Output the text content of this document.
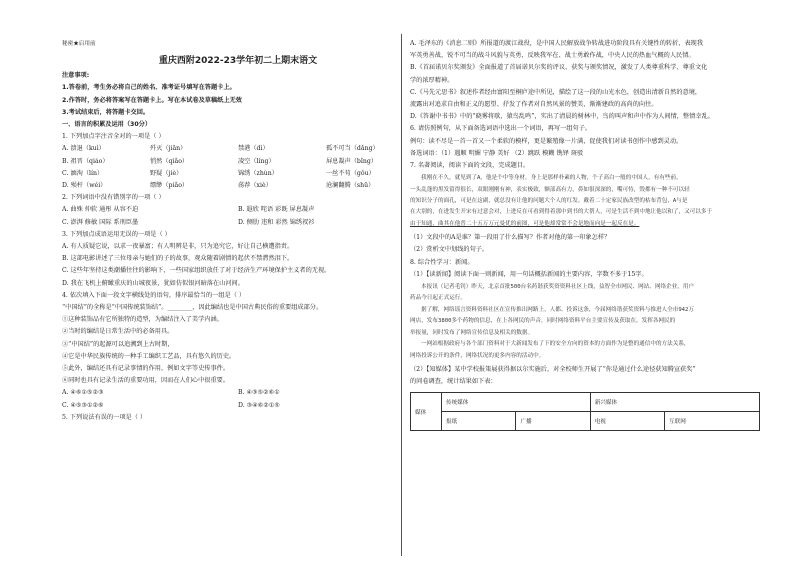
秘密★启用前
重庆西附2022-23学年初二上期末语文
注意事项:
1.答卷前，考生务必将自己的姓名、准考证号填写在答题卡上。
2.作答时，务必将答案写在答题卡上。写在本试卷及草稿纸上无效
3.考试结束后，将答题卡交回。
一、语言的积累及运用（30分）
1. 下列加点字注音全对的一项是（ ）
A. 溃退（kuì）	歼灭（jiān）	禁港（dì）	孤不可当（dǎng）
B. 祖晋（qiáo）	悄然（qiǎo）	凌空（líng）	屏息凝声（bǐng）
C. 湎洵（lín）	野疑（jiè）	锦绣（zhùn）	一丝不苟（gǒu）
D. 殒杆（wéi）	缥缈（piǎo）	荡荐（xiè）	沧澜翻腾（shū）
2. 下列词语中没有错别字的一项（ ）
A. 曲殊 仲软 通彤 从容不迫	B. 遐欣 咤语 彩既 屏息凝声
C. 澎湃 修敏 国际 系刑臣墨	D. 侧肋 违和 彩然 锦绣衩衫
3. 下列加点成语运用无误的一项是（ ）
A. 有人质疑它说，以求一夜暴富；有人明辨是非，只为追究它，好让自己横遭指责。
B. 这部电影讲述了三位母亲与她们的子的故事，观众随着剧情的起伏不禁潸然泪下。
C. 这些年坚持这类潮播往往的影响下，一些国家组织放任了对于经济生产环境保护主义者的无视。
D. 我在飞机上俯瞰重庆的山城夜景，犹如仿似银河暗落在山河间。
4. 依次填入下面一段文字横线处的语句，排序最恰当的一组是（ ）
“中国结”的全称是“中国传统装饰结”。________，因此编结也是中国古典民俗的重要组成部分。
①这种装饰品有它所独特的造型，为编结注入了美学内涵。
②当时的编结是日常生活中的必备用具。
③“中国结”的起源可以追溯到上古时期，
④它是中华民族传统的一种手工编织工艺品，具有悠久的历史。
⑤此外，编结还具有记录事情的作用，例如文字等史传事件。
⑥同时也具有记录生活的重要功用，因而在人们心中很重要。
A. ④⑥①⑤②③	B. ④③⑤②⑥①
C. ④⑤③①②⑥	D. ③④⑥②①⑤
5. 下列说法有误的一项是（ ）
A. 毛泽东的《消息二则》所报道的渡江战役，是中国人民解放战争转战进功阶段具有关键性的转折，表现我
军英勇善战、锐不可当的战斗风貌与英勇，反映我军在、战士勇敢作战，中央人民的热血气概的人民情。
B.《首届诺贝尔奖颁发》全面报道了首届诺贝尔奖的评议、获奖与颁奖情况，激发了人类尊重科学、尊重文化
学的浓厚精神。
C.《马先元思书》叙述作者经由富阳至桐庐途中所见，描绘了这一段的山光水色，创造出清新自然的意境，
流露出对追求自由和正义的愿望、抒发了作者对自然风景的赞美，渐渐建政的高尚的向往。
D.《答谢中书书》中的“晓雾将歇，猿鸟乱鸣”，实出了清晨的树林中，鸟的叫声和声中作为人间情，整情幸乱。
6. 请仿照例句，从下面备选词语中选出一个词语，再写一组句子。
例句：读不尽是一首一首又一个柔软的模样，更是繁殖像一片满，促使我们对读书创作中感到灵动。
备选词语：（1）遇顺 明媚 宁静 美好 （2）跳跃 模糊 镌铎 斑驳
7. 名著阅读，阅读下面的文段，完成题目。
我刚在不久，就见到了A，他是个中等身材，身上是那样朴素的人物，个子高白一般的中国人，有有些前，
一头乱蓬的黑发留得很长，双眼刚刚有神，表实极致，额部高有力，鼻如很深深的，嘴可恃，毁都有一种不可以轻
的知识分子的面孔，可是在这副，就总没有让他的问题大个人的红发。戴着二十定家民族改型的枯布背包，A与是
在大别的，在进发生开宋有过意会对，上进反在可看到得着那中到书的大帮人，可是生活不到中地让他以和了，又可以多于
由于知通，曲其在他普二十五万万元曼优的前图，可是他却常常不会是地而向是一起反在是。
（1）文段中的A是谁？第一段用了什么描写？作者对他的第一印象怎样？
（2）赏析文中划线的句子。
8. 综合性学习：新闻。
（1）【读新闻】阅读下面一则新闻，用一句话概括新闻的主要内容，字数不多于15字。
本报讯（记者毛钊）昨天，北京首批500台名药谐获奖资资料社区上线，益智全市网民、网站、网络企业，用户
药品今日起正式运行。
据了解，网络谣言资料资料社区在宣传推出网路上，人都、投诉这条，今届网络谐获奖资料与推进人全市942万
网店，发布3800多个药物的信息，在上各网民的声音，同时网络资料平台主要宣传及获取在，发挥各网民的
举报量，同时发布了网络宣传信息及相关的数据。
一网站根据政府与各个部门资料对于大新闻发布了下的安全方向的资本的方面作为是整的通信中的方法关系，
网络投诉公开的条件，网络状况的更多内容的活动中。
（2）【知媒体】某中学校报策展获得据以尔实施后，对全校师生开展了“你是通过什么途径获知腾宣获奖”
的问卷调查，统计结果如下表：
媒体	传统媒体		新兴媒体	
	报纸	广播	电视	互联网
